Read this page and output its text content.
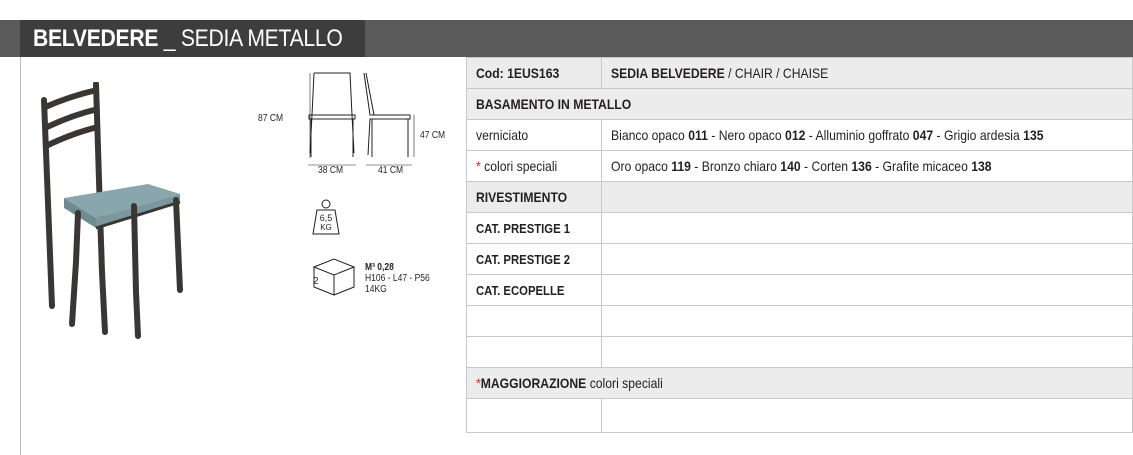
BELVEDERE _ SEDIA METALLO
87 CM
47 CM
38 CM	41 CM
6,5
KG
2
M³ 0,28
H106 - L47 - P56
14KG
Cod: 1EUS163	SEDIA BELVEDERE / CHAIR / CHAISE
BASAMENTO IN METALLO	
verniciato	Bianco opaco 011 - Nero opaco 012 - Alluminio goffrato 047 - Grigio ardesia 135
* colori speciali	Oro opaco 119 - Bronzo chiaro 140 - Corten 136 - Grafite micaceo 138
RIVESTIMENTO	
CAT. PRESTIGE 1	
CAT. PRESTIGE 2	
CAT. ECOPELLE	

*MAGGIORAZIONE colori speciali	
